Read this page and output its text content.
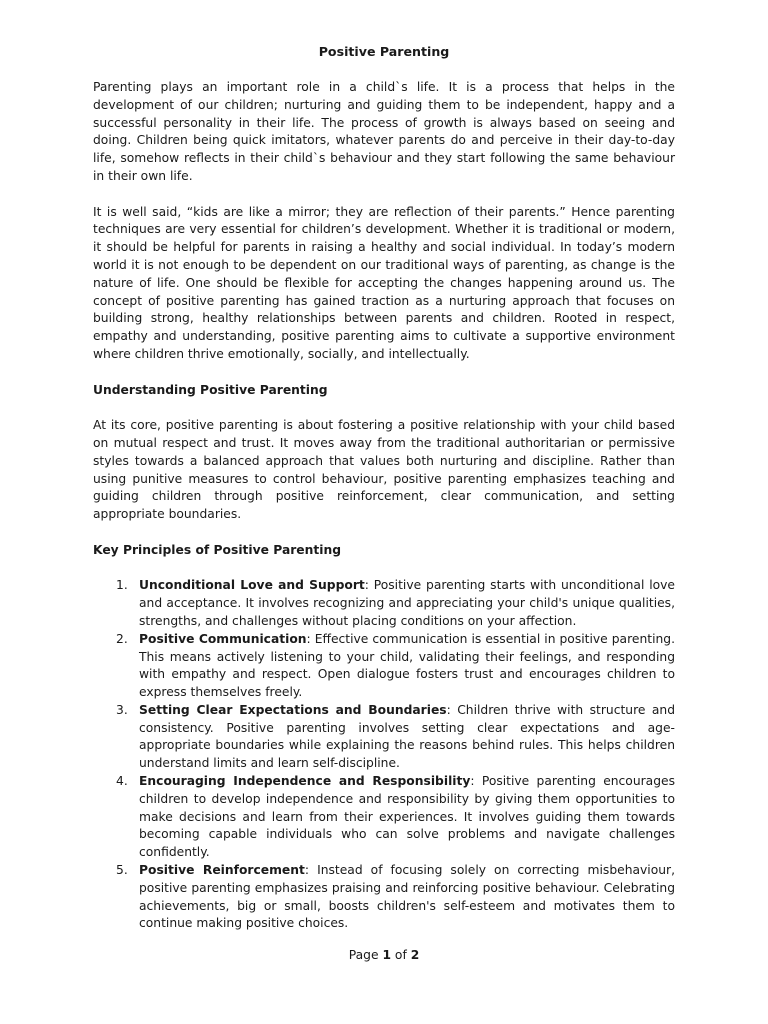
Positive Parenting

Parenting plays an important role in a child`s life. It is a process that helps in the development of our children; nurturing and guiding them to be independent, happy and a successful personality in their life. The process of growth is always based on seeing and doing. Children being quick imitators, whatever parents do and perceive in their day-to-day life, somehow reflects in their child`s behaviour and they start following the same behaviour in their own life.

It is well said, “kids are like a mirror; they are reflection of their parents.” Hence parenting techniques are very essential for children’s development. Whether it is traditional or modern, it should be helpful for parents in raising a healthy and social individual. In today’s modern world it is not enough to be dependent on our traditional ways of parenting, as change is the nature of life. One should be flexible for accepting the changes happening around us. The concept of positive parenting has gained traction as a nurturing approach that focuses on building strong, healthy relationships between parents and children. Rooted in respect, empathy and understanding, positive parenting aims to cultivate a supportive environment where children thrive emotionally, socially, and intellectually.

Understanding Positive Parenting

At its core, positive parenting is about fostering a positive relationship with your child based on mutual respect and trust. It moves away from the traditional authoritarian or permissive styles towards a balanced approach that values both nurturing and discipline. Rather than using punitive measures to control behaviour, positive parenting emphasizes teaching and guiding children through positive reinforcement, clear communication, and setting appropriate boundaries.

Key Principles of Positive Parenting

1. Unconditional Love and Support: Positive parenting starts with unconditional love and acceptance. It involves recognizing and appreciating your child's unique qualities, strengths, and challenges without placing conditions on your affection.
2. Positive Communication: Effective communication is essential in positive parenting. This means actively listening to your child, validating their feelings, and responding with empathy and respect. Open dialogue fosters trust and encourages children to express themselves freely.
3. Setting Clear Expectations and Boundaries: Children thrive with structure and consistency. Positive parenting involves setting clear expectations and age-appropriate boundaries while explaining the reasons behind rules. This helps children understand limits and learn self-discipline.
4. Encouraging Independence and Responsibility: Positive parenting encourages children to develop independence and responsibility by giving them opportunities to make decisions and learn from their experiences. It involves guiding them towards becoming capable individuals who can solve problems and navigate challenges confidently.
5. Positive Reinforcement: Instead of focusing solely on correcting misbehaviour, positive parenting emphasizes praising and reinforcing positive behaviour. Celebrating achievements, big or small, boosts children's self-esteem and motivates them to continue making positive choices.
Page 1 of 2
